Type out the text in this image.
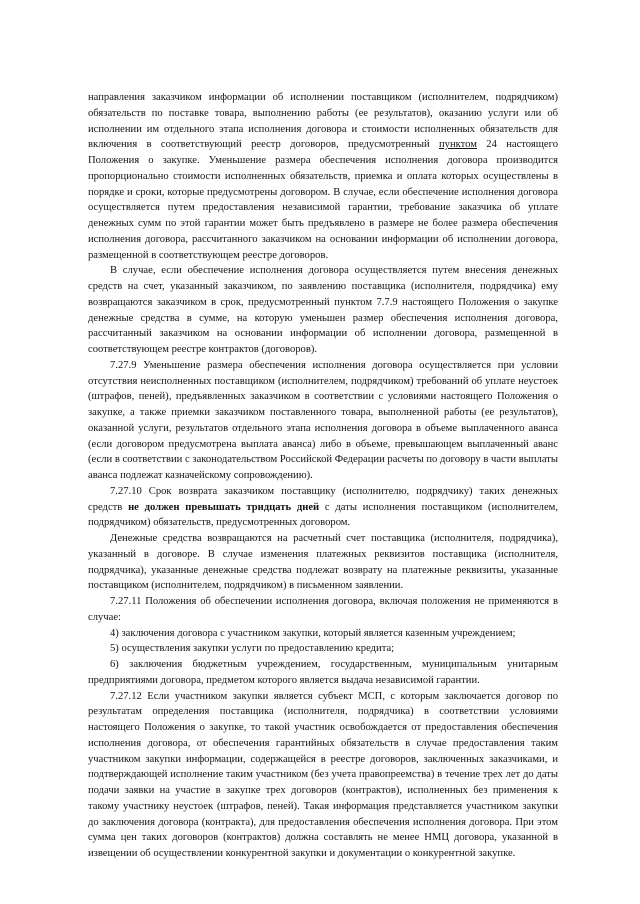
направления заказчиком информации об исполнении поставщиком (исполнителем, подрядчиком) обязательств по поставке товара, выполнению работы (ее результатов), оказанию услуги или об исполнении им отдельного этапа исполнения договора и стоимости исполненных обязательств для включения в соответствующий реестр договоров, предусмотренный пунктом 24 настоящего Положения о закупке. Уменьшение размера обеспечения исполнения договора производится пропорционально стоимости исполненных обязательств, приемка и оплата которых осуществлены в порядке и сроки, которые предусмотрены договором. В случае, если обеспечение исполнения договора осуществляется путем предоставления независимой гарантии, требование заказчика об уплате денежных сумм по этой гарантии может быть предъявлено в размере не более размера обеспечения исполнения договора, рассчитанного заказчиком на основании информации об исполнении договора, размещенной в соответствующем реестре договоров.

В случае, если обеспечение исполнения договора осуществляется путем внесения денежных средств на счет, указанный заказчиком, по заявлению поставщика (исполнителя, подрядчика) ему возвращаются заказчиком в срок, предусмотренный пунктом 7.7.9 настоящего Положения о закупке денежные средства в сумме, на которую уменьшен размер обеспечения исполнения договора, рассчитанный заказчиком на основании информации об исполнении договора, размещенной в соответствующем реестре контрактов (договоров).

7.27.9 Уменьшение размера обеспечения исполнения договора осуществляется при условии отсутствия неисполненных поставщиком (исполнителем, подрядчиком) требований об уплате неустоек (штрафов, пеней), предъявленных заказчиком в соответствии с условиями настоящего Положения о закупке, а также приемки заказчиком поставленного товара, выполненной работы (ее результатов), оказанной услуги, результатов отдельного этапа исполнения договора в объеме выплаченного аванса (если договором предусмотрена выплата аванса) либо в объеме, превышающем выплаченный аванс (если в соответствии с законодательством Российской Федерации расчеты по договору в части выплаты аванса подлежат казначейскому сопровождению).

7.27.10 Срок возврата заказчиком поставщику (исполнителю, подрядчику) таких денежных средств не должен превышать тридцать дней с даты исполнения поставщиком (исполнителем, подрядчиком) обязательств, предусмотренных договором.

Денежные средства возвращаются на расчетный счет поставщика (исполнителя, подрядчика), указанный в договоре. В случае изменения платежных реквизитов поставщика (исполнителя, подрядчика), указанные денежные средства подлежат возврату на платежные реквизиты, указанные поставщиком (исполнителем, подрядчиком) в письменном заявлении.

7.27.11 Положения об обеспечении исполнения договора, включая положения не применяются в случае:

4) заключения договора с участником закупки, который является казенным учреждением;

5) осуществления закупки услуги по предоставлению кредита;

6) заключения бюджетным учреждением, государственным, муниципальным унитарным предприятиями договора, предметом которого является выдача независимой гарантии.

7.27.12 Если участником закупки является субъект МСП, с которым заключается договор по результатам определения поставщика (исполнителя, подрядчика) в соответствии условиями настоящего Положения о закупке, то такой участник освобождается от предоставления обеспечения исполнения договора, от обеспечения гарантийных обязательств в случае предоставления таким участником закупки информации, содержащейся в реестре договоров, заключенных заказчиками, и подтверждающей исполнение таким участником (без учета правопреемства) в течение трех лет до даты подачи заявки на участие в закупке трех договоров (контрактов), исполненных без применения к такому участнику неустоек (штрафов, пеней). Такая информация представляется участником закупки до заключения договора (контракта), для предоставления обеспечения исполнения договора. При этом сумма цен таких договоров (контрактов) должна составлять не менее НМЦ договора, указанной в извещении об осуществлении конкурентной закупки и документации о конкурентной закупке.
